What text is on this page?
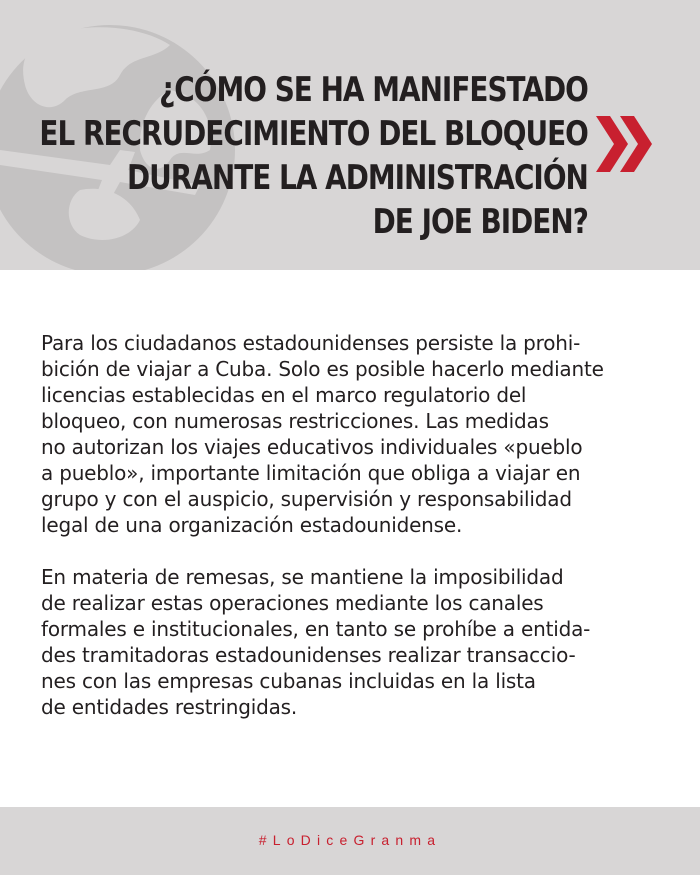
¿CÓMO SE HA MANIFESTADO
EL RECRUDECIMIENTO DEL BLOQUEO
DURANTE LA ADMINISTRACIÓN
DE JOE BIDEN?
Para los ciudadanos estadounidenses persiste la prohi-
bición de viajar a Cuba. Solo es posible hacerlo mediante
licencias establecidas en el marco regulatorio del
bloqueo, con numerosas restricciones. Las medidas
no autorizan los viajes educativos individuales «pueblo
a pueblo», importante limitación que obliga a viajar en
grupo y con el auspicio, supervisión y responsabilidad
legal de una organización estadounidense.
En materia de remesas, se mantiene la imposibilidad
de realizar estas operaciones mediante los canales
formales e institucionales, en tanto se prohíbe a entida-
des tramitadoras estadounidenses realizar transaccio-
nes con las empresas cubanas incluidas en la lista
de entidades restringidas.
#LoDiceGranma
